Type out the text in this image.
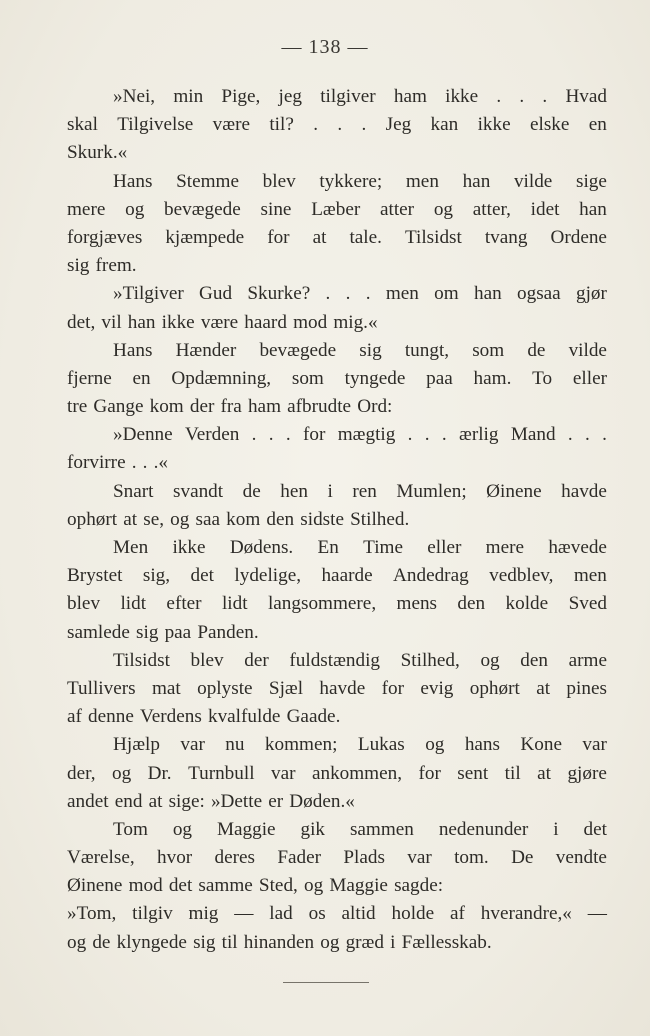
— 138 —
»Nei, min Pige, jeg tilgiver ham ikke . . . Hvad
skal Tilgivelse være til? . . . Jeg kan ikke elske en
Skurk.«
Hans Stemme blev tykkere; men han vilde sige
mere og bevægede sine Læber atter og atter, idet han
forgjæves kjæmpede for at tale. Tilsidst tvang Ordene
sig frem.
»Tilgiver Gud Skurke? . . . men om han ogsaa gjør
det, vil han ikke være haard mod mig.«
Hans Hænder bevægede sig tungt, som de vilde
fjerne en Opdæmning, som tyngede paa ham. To eller
tre Gange kom der fra ham afbrudte Ord:
»Denne Verden . . . for mægtig . . . ærlig Mand . . .
forvirre . . .«
Snart svandt de hen i ren Mumlen; Øinene havde
ophørt at se, og saa kom den sidste Stilhed.
Men ikke Dødens. En Time eller mere hævede
Brystet sig, det lydelige, haarde Andedrag vedblev, men
blev lidt efter lidt langsommere, mens den kolde Sved
samlede sig paa Panden.
Tilsidst blev der fuldstændig Stilhed, og den arme
Tullivers mat oplyste Sjæl havde for evig ophørt at pines
af denne Verdens kvalfulde Gaade.
Hjælp var nu kommen; Lukas og hans Kone var
der, og Dr. Turnbull var ankommen, for sent til at gjøre
andet end at sige: »Dette er Døden.«
Tom og Maggie gik sammen nedenunder i det
Værelse, hvor deres Fader Plads var tom. De vendte
Øinene mod det samme Sted, og Maggie sagde:
»Tom, tilgiv mig — lad os altid holde af hverandre,« —
og de klyngede sig til hinanden og græd i Fællesskab.
